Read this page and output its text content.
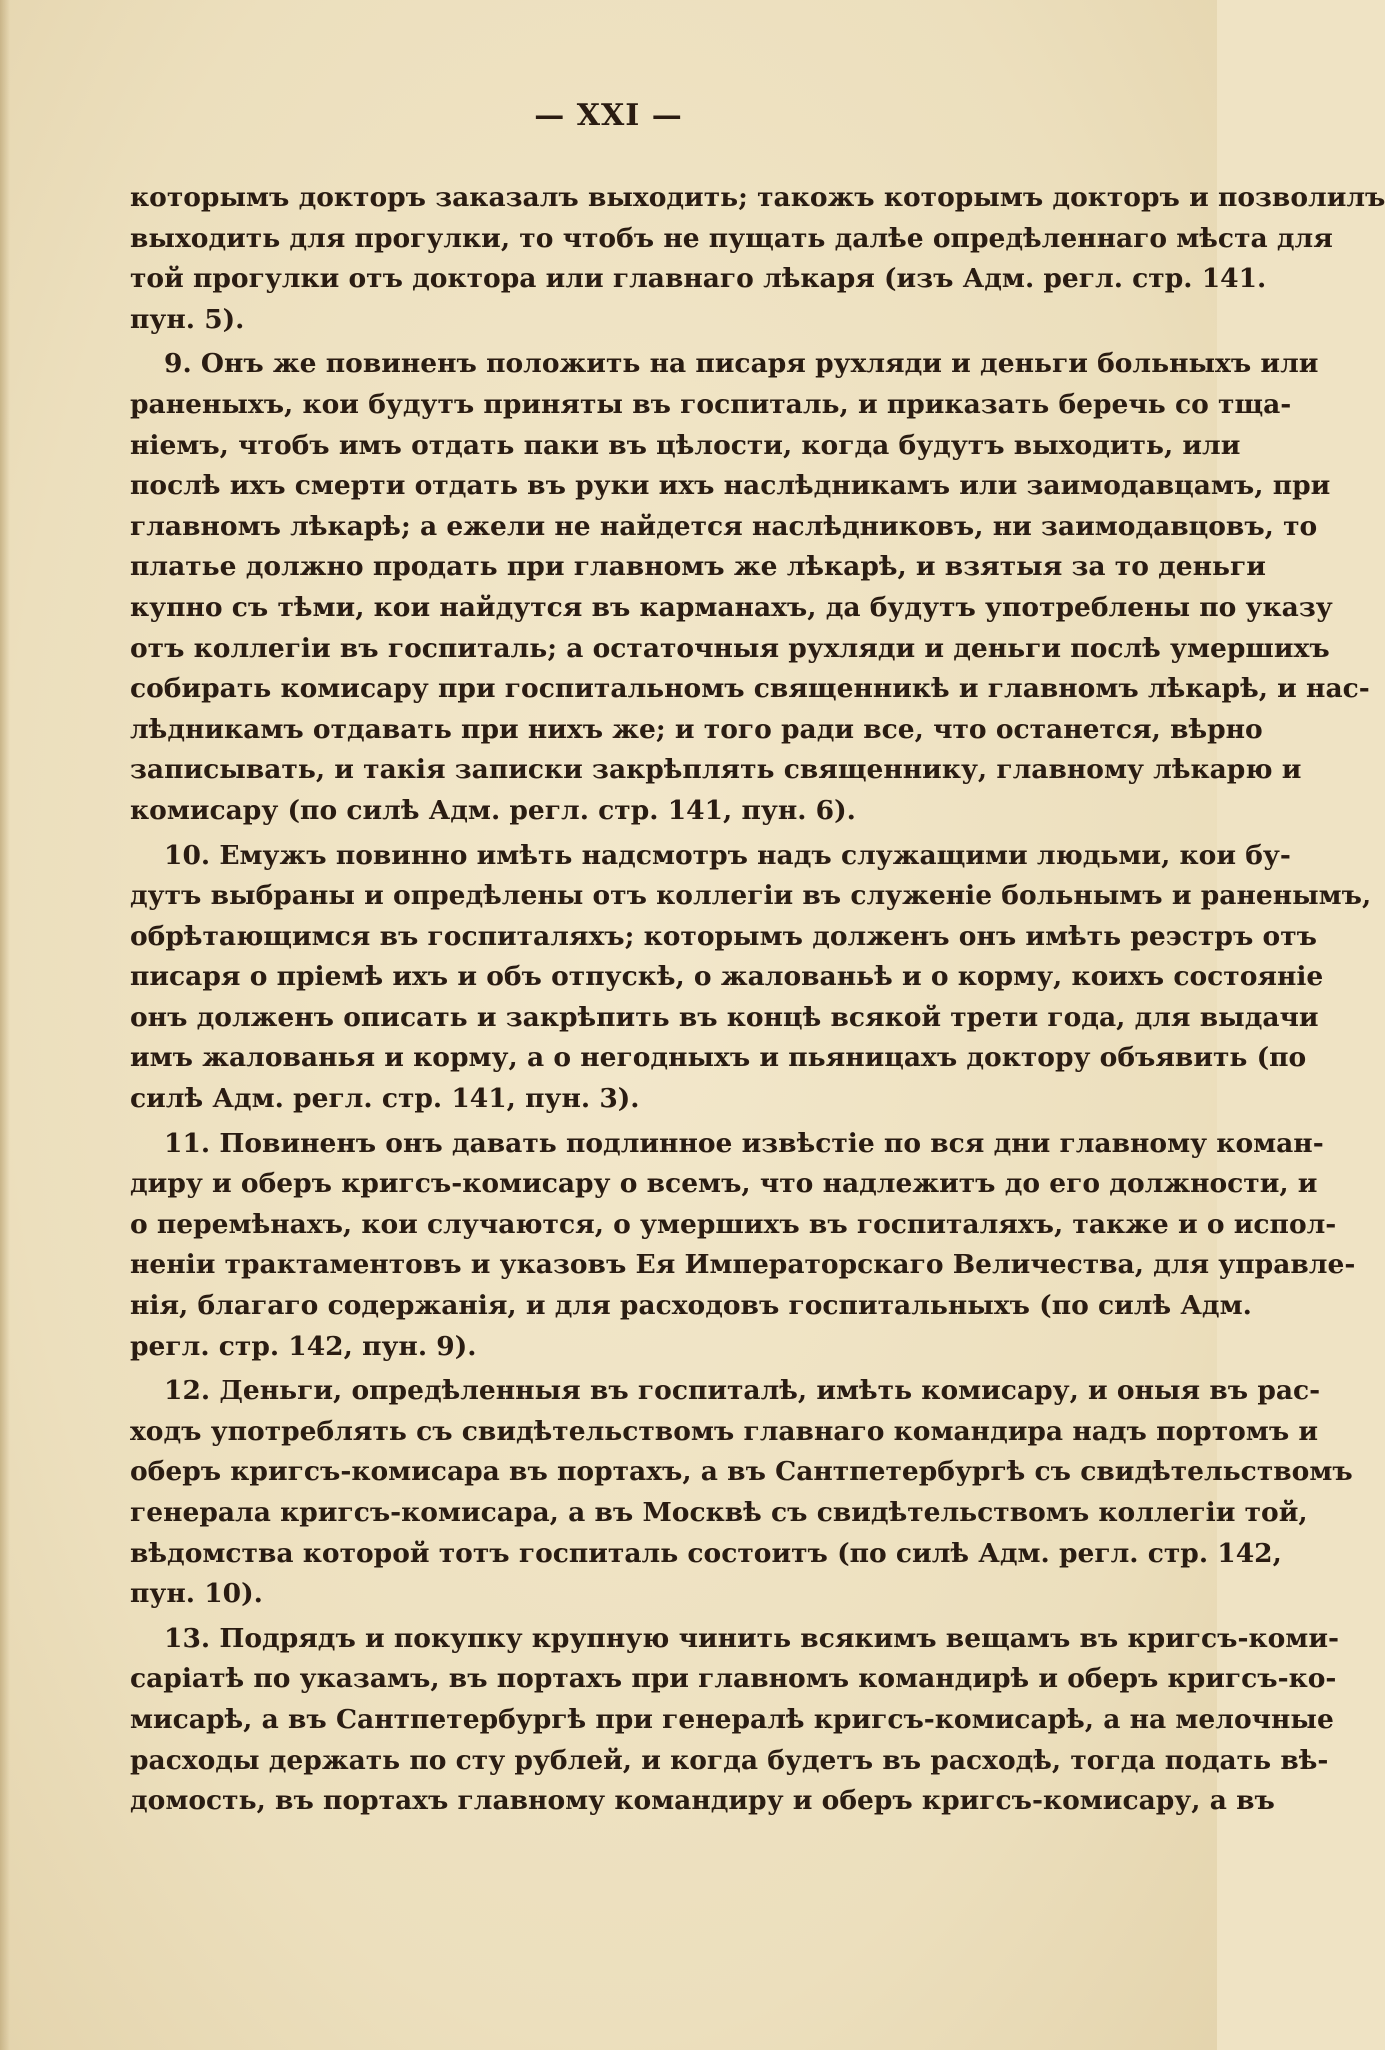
— XXI —
которымъ докторъ заказалъ выходить; такожъ которымъ докторъ и позволилъ
выходить для прогулки, то чтобъ не пущать далѣе опредѣленнаго мѣста для
той прогулки отъ доктора или главнаго лѣкаря (изъ Адм. регл. стр. 141.
пун. 5).
9. Онъ же повиненъ положить на писаря рухляди и деньги больныхъ или
раненыхъ, кои будутъ приняты въ госпиталь, и приказать беречь со тща-
ніемъ, чтобъ имъ отдать паки въ цѣлости, когда будутъ выходить, или
послѣ ихъ смерти отдать въ руки ихъ наслѣдникамъ или заимодавцамъ, при
главномъ лѣкарѣ; а ежели не найдется наслѣдниковъ, ни заимодавцовъ, то
платье должно продать при главномъ же лѣкарѣ, и взятыя за то деньги
купно съ тѣми, кои найдутся въ карманахъ, да будутъ употреблены по указу
отъ коллегіи въ госпиталь; а остаточныя рухляди и деньги послѣ умершихъ
собирать комисару при госпитальномъ священникѣ и главномъ лѣкарѣ, и нас-
лѣдникамъ отдавать при нихъ же; и того ради все, что останется, вѣрно
записывать, и такія записки закрѣплять священнику, главному лѣкарю и
комисару (по силѣ Адм. регл. стр. 141, пун. 6).
10. Емужъ повинно имѣть надсмотръ надъ служащими людьми, кои бу-
дутъ выбраны и опредѣлены отъ коллегіи въ служеніе больнымъ и раненымъ,
обрѣтающимся въ госпиталяхъ; которымъ долженъ онъ имѣть реэстръ отъ
писаря о пріемѣ ихъ и объ отпускѣ, о жалованьѣ и о корму, коихъ состояніе
онъ долженъ описать и закрѣпить въ концѣ всякой трети года, для выдачи
имъ жалованья и корму, а о негодныхъ и пьяницахъ доктору объявить (по
силѣ Адм. регл. стр. 141, пун. 3).
11. Повиненъ онъ давать подлинное извѣстіе по вся дни главному коман-
диру и оберъ кригсъ-комисару о всемъ, что надлежитъ до его должности, и
о перемѣнахъ, кои случаются, о умершихъ въ госпиталяхъ, также и о испол-
неніи трактаментовъ и указовъ Ея Императорскаго Величества, для управле-
нія, благаго содержанія, и для расходовъ госпитальныхъ (по силѣ Адм.
регл. стр. 142, пун. 9).
12. Деньги, опредѣленныя въ госпиталѣ, имѣть комисару, и оныя въ рас-
ходъ употреблять съ свидѣтельствомъ главнаго командира надъ портомъ и
оберъ кригсъ-комисара въ портахъ, а въ Сантпетербургѣ съ свидѣтельствомъ
генерала кригсъ-комисара, а въ Москвѣ съ свидѣтельствомъ коллегіи той,
вѣдомства которой тотъ госпиталь состоитъ (по силѣ Адм. регл. стр. 142,
пун. 10).
13. Подрядъ и покупку крупную чинить всякимъ вещамъ въ кригсъ-коми-
саріатѣ по указамъ, въ портахъ при главномъ командирѣ и оберъ кригсъ-ко-
мисарѣ, а въ Сантпетербургѣ при генералѣ кригсъ-комисарѣ, а на мелочные
расходы держать по сту рублей, и когда будетъ въ расходѣ, тогда подать вѣ-
домость, въ портахъ главному командиру и оберъ кригсъ-комисару, а въ
